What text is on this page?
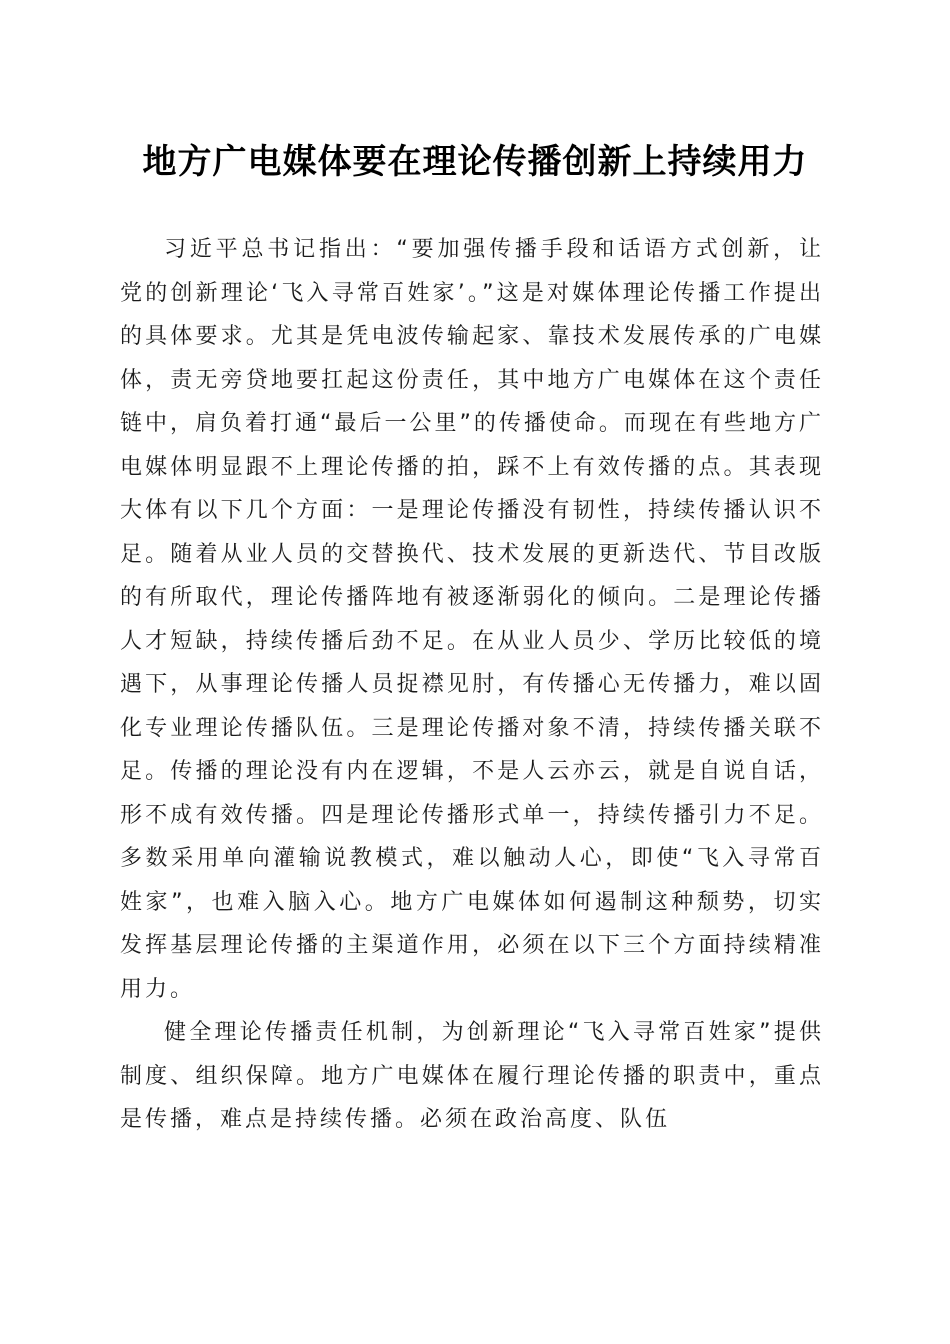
地方广电媒体要在理论传播创新上持续用力

习近平总书记指出：“要加强传播手段和话语方式创新，让党的创新理论‘飞入寻常百姓家’。”这是对媒体理论传播工作提出的具体要求。尤其是凭电波传输起家、靠技术发展传承的广电媒体，责无旁贷地要扛起这份责任，其中地方广电媒体在这个责任链中，肩负着打通“最后一公里”的传播使命。而现在有些地方广电媒体明显跟不上理论传播的拍，踩不上有效传播的点。其表现大体有以下几个方面：一是理论传播没有韧性，持续传播认识不足。随着从业人员的交替换代、技术发展的更新迭代、节目改版的有所取代，理论传播阵地有被逐渐弱化的倾向。二是理论传播人才短缺，持续传播后劲不足。在从业人员少、学历比较低的境遇下，从事理论传播人员捉襟见肘，有传播心无传播力，难以固化专业理论传播队伍。三是理论传播对象不清，持续传播关联不足。传播的理论没有内在逻辑，不是人云亦云，就是自说自话，形不成有效传播。四是理论传播形式单一，持续传播引力不足。多数采用单向灌输说教模式，难以触动人心，即使“飞入寻常百姓家”，也难入脑入心。地方广电媒体如何遏制这种颓势，切实发挥基层理论传播的主渠道作用，必须在以下三个方面持续精准用力。

健全理论传播责任机制，为创新理论“飞入寻常百姓家”提供制度、组织保障。地方广电媒体在履行理论传播的职责中，重点是传播，难点是持续传播。必须在政治高度、队伍
